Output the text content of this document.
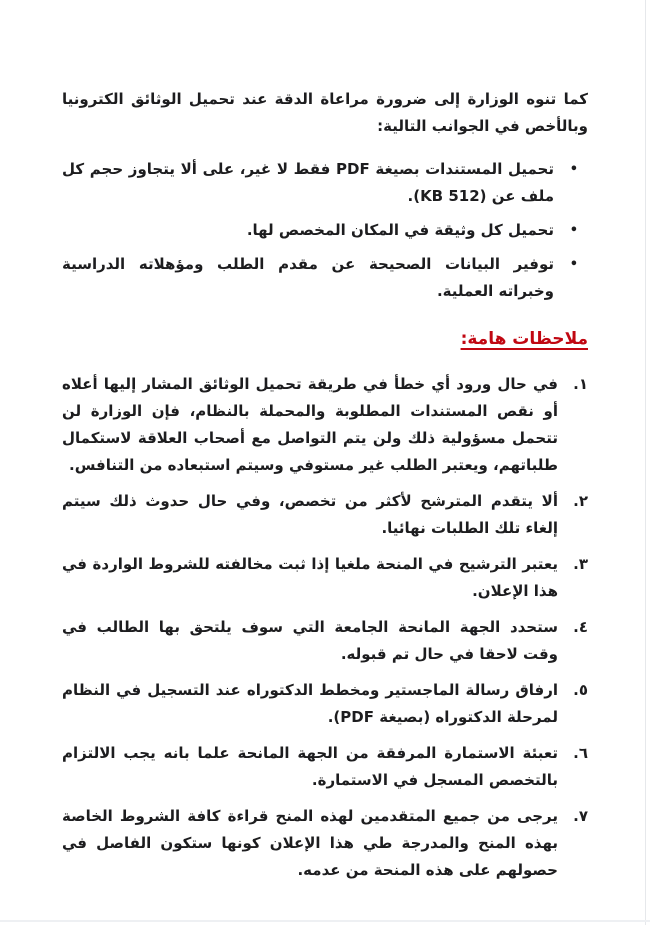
كما تنوه الوزارة إلى ضرورة مراعاة الدقة عند تحميل الوثائق الكترونيا وبالأخص في الجوانب التالية:

•
تحميل المستندات بصيغة PDF فقط لا غير، على ألا يتجاوز حجم كل ملف عن (512 KB).
•
تحميل كل وثيقة في المكان المخصص لها.
•
توفير البيانات الصحيحة عن مقدم الطلب ومؤهلاته الدراسية وخبراته العملية.

ملاحظات هامة:

١.
في حال ورود أي خطأ في طريقة تحميل الوثائق المشار إليها أعلاه أو نقص المستندات المطلوبة والمحملة بالنظام، فإن الوزارة لن تتحمل مسؤولية ذلك ولن يتم التواصل مع أصحاب العلاقة لاستكمال طلباتهم، ويعتبر الطلب غير مستوفي وسيتم استبعاده من التنافس.
٢.
ألا يتقدم المترشح لأكثر من تخصص، وفي حال حدوث ذلك سيتم إلغاء تلك الطلبات نهائيا.
٣.
يعتبر الترشيح في المنحة ملغيا إذا ثبت مخالفته للشروط الواردة في هذا الإعلان.
٤.
ستحدد الجهة المانحة الجامعة التي سوف يلتحق بها الطالب في وقت لاحقا في حال تم قبوله.
٥.
ارفاق رسالة الماجستير ومخطط الدكتوراه عند التسجيل في النظام لمرحلة الدكتوراه (بصيغة PDF).
٦.
تعبئة الاستمارة المرفقة من الجهة المانحة علما بانه يجب الالتزام بالتخصص المسجل في الاستمارة.
٧.
يرجى من جميع المتقدمين لهذه المنح قراءة كافة الشروط الخاصة بهذه المنح والمدرجة طي هذا الإعلان كونها ستكون الفاصل في حصولهم على هذه المنحة من عدمه.
